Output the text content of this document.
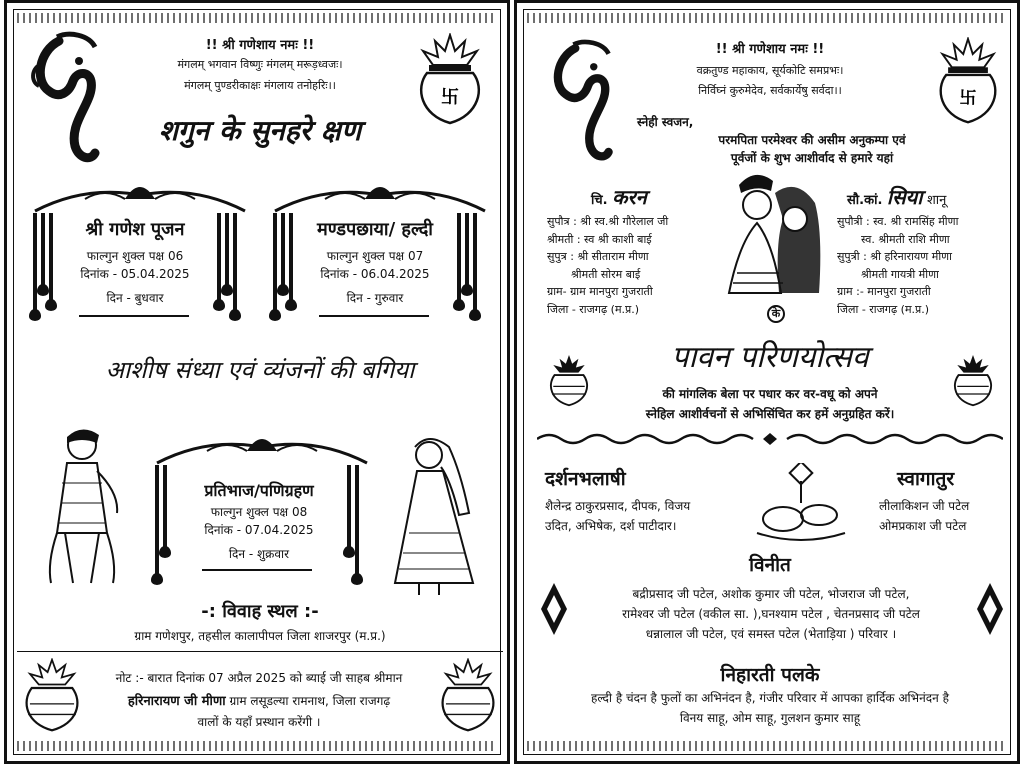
卐
!! श्री गणेशाय नमः !!
मंगलम् भगवान विष्णुः मंगलम् मरूड़ध्वजः।
मंगलम् पुण्डरीकाक्षः मंगलाय तनोहरिः।।
शगुन के सुनहरे क्षण
श्री गणेश पूजन
फाल्गुन शुक्ल पक्ष 06
दिनांक - 05.04.2025
दिन - बुधवार
मण्डपछाया/ हल्दी
फाल्गुन शुक्ल पक्ष 07
दिनांक - 06.04.2025
दिन - गुरुवार
आशीष संध्या एवं व्यंजनों की बगिया
प्रतिभाज/पणिग्रहण
फाल्गुन शुक्ल पक्ष 08
दिनांक - 07.04.2025
दिन - शुक्रवार
-: विवाह स्थल :-
ग्राम गणेशपुर, तहसील कालापीपल जिला शाजरपुर (म.प्र.)
नोट :- बारात दिनांक 07 अप्रैल 2025 को ब्याई जी साहब श्रीमान
हरिनारायण जी मीणा ग्राम लसूडल्या रामनाथ, जिला राजगढ़
वालों के यहाँ प्रस्थान करेंगी ।
卐
!! श्री गणेशाय नमः !!
वक्रतुण्ड महाकाय, सूर्यकोटि समप्रभः।
निर्विघ्नं कुरुमेदेव, सर्वकार्येषु सर्वदा।।
स्नेही स्वजन,
परमपिता परमेश्वर की असीम अनुकम्पा एवं
पूर्वजों के शुभ आशीर्वाद से हमारे यहां
चि. करन
सुपौत्र : श्री स्व.श्री गौरेलाल जी
श्रीमती : स्व श्री काशी बाई
सुपुत्र : श्री सीताराम मीणा
श्रीमती सोरम बाई
ग्राम- ग्राम मानपुरा गुजराती
जिला - राजगढ़ (म.प्र.)	के
सौ.कां. सिया शानू
सुपौत्री : स्व. श्री रामसिंह मीणा
स्व. श्रीमती राशि मीणा
सुपुत्री : श्री हरिनारायण मीणा
श्रीमती गायत्री मीणा
ग्राम :- मानपुरा गुजराती
जिला - राजगढ़ (म.प्र.)
पावन परिणयोत्सव
की मांगलिक बेला पर पधार कर वर-वधू को अपने
स्नेहिल आशीर्वचनों से अभिसिंचित कर हमें अनुग्रहित करें।
दर्शनभलाषी
शैलेन्द्र ठाकुरप्रसाद, दीपक, विजय
उदित, अभिषेक, दर्श पाटीदार।
स्वागातुर
लीलाकिशन जी पटेल
ओमप्रकाश जी पटेल
विनीत
बद्रीप्रसाद जी पटेल, अशोक कुमार जी पटेल, भोजराज जी पटेल,
रामेश्वर जी पटेल (वकील सा. ),घनश्याम पटेल , चेतनप्रसाद जी पटेल
धन्नालाल जी पटेल, एवं समस्त पटेल (भेताड़िया ) परिवार ।
निहारती पलके
हल्दी है चंदन है फुलों का अभिनंदन है, गंजीर परिवार में आपका हार्दिक अभिनंदन है
विनय साहू, ओम साहू, गुलशन कुमार साहू
